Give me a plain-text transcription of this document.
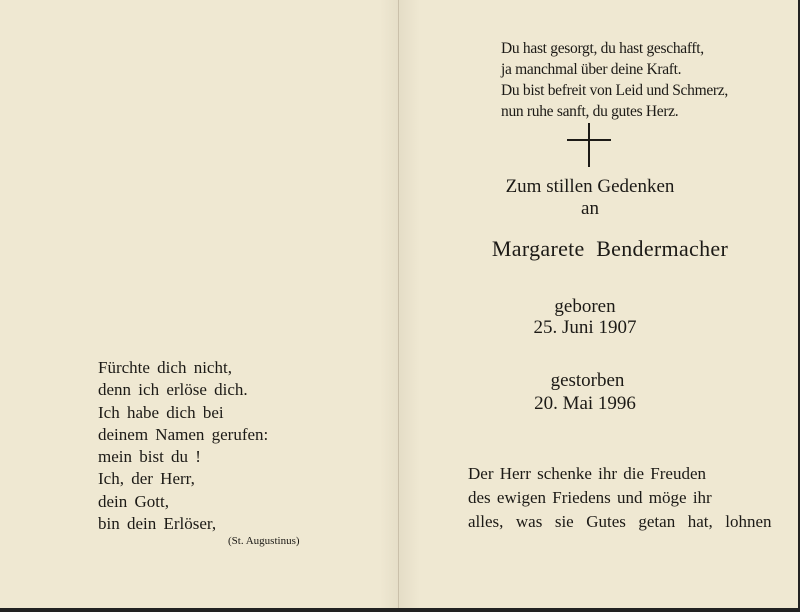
Du hast gesorgt, du hast geschafft,
ja manchmal über deine Kraft.
Du bist befreit von Leid und Schmerz,
nun ruhe sanft, du gutes Herz.
Zum stillen Gedenken
an
Margarete  Bendermacher
geboren
25. Juni 1907
gestorben
20. Mai 1996
Der Herr schenke ihr die Freuden
des ewigen Friedens und möge ihr
alles,  was  sie  Gutes  getan  hat,  lohnen
Fürchte dich nicht,
denn ich erlöse dich.
Ich habe dich bei
deinem Namen gerufen:
mein bist du !
Ich, der Herr,
dein Gott,
bin dein Erlöser,
(St. Augustinus)
